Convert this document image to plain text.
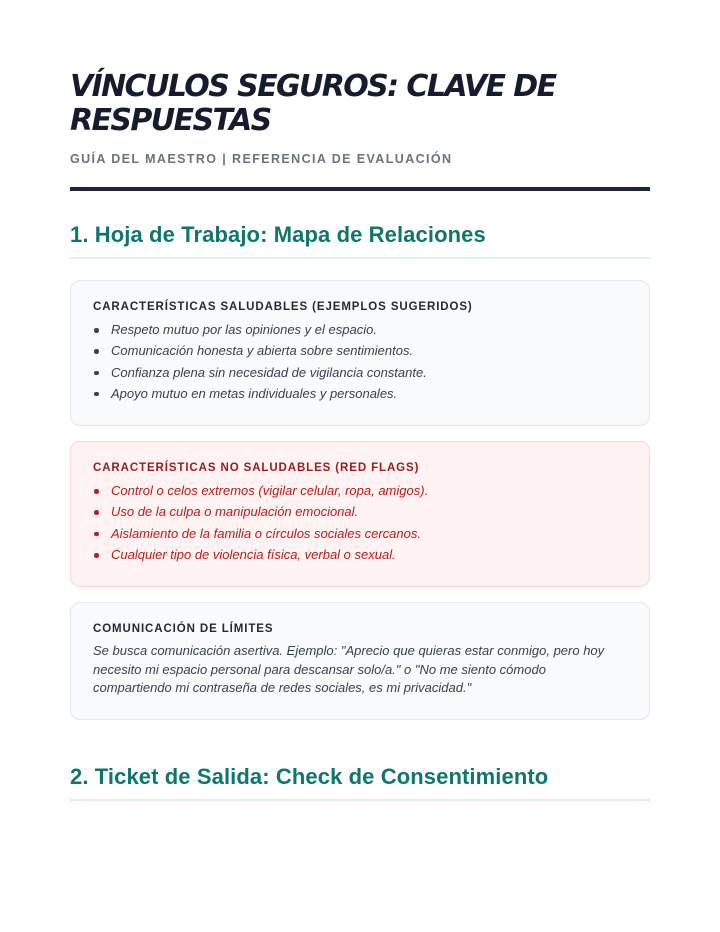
VÍNCULOS SEGUROS: CLAVE DE RESPUESTAS
GUÍA DEL MAESTRO | REFERENCIA DE EVALUACIÓN
1. Hoja de Trabajo: Mapa de Relaciones
CARACTERÍSTICAS SALUDABLES (EJEMPLOS SUGERIDOS)
Respeto mutuo por las opiniones y el espacio.
Comunicación honesta y abierta sobre sentimientos.
Confianza plena sin necesidad de vigilancia constante.
Apoyo mutuo en metas individuales y personales.
CARACTERÍSTICAS NO SALUDABLES (RED FLAGS)
Control o celos extremos (vigilar celular, ropa, amigos).
Uso de la culpa o manipulación emocional.
Aislamiento de la familia o círculos sociales cercanos.
Cualquier tipo de violencia física, verbal o sexual.
COMUNICACIÓN DE LÍMITES

Se busca comunicación asertiva. Ejemplo: "Aprecio que quieras estar conmigo, pero hoy necesito mi espacio personal para descansar solo/a." o "No me siento cómodo compartiendo mi contraseña de redes sociales, es mi privacidad."

2. Ticket de Salida: Check de Consentimiento
